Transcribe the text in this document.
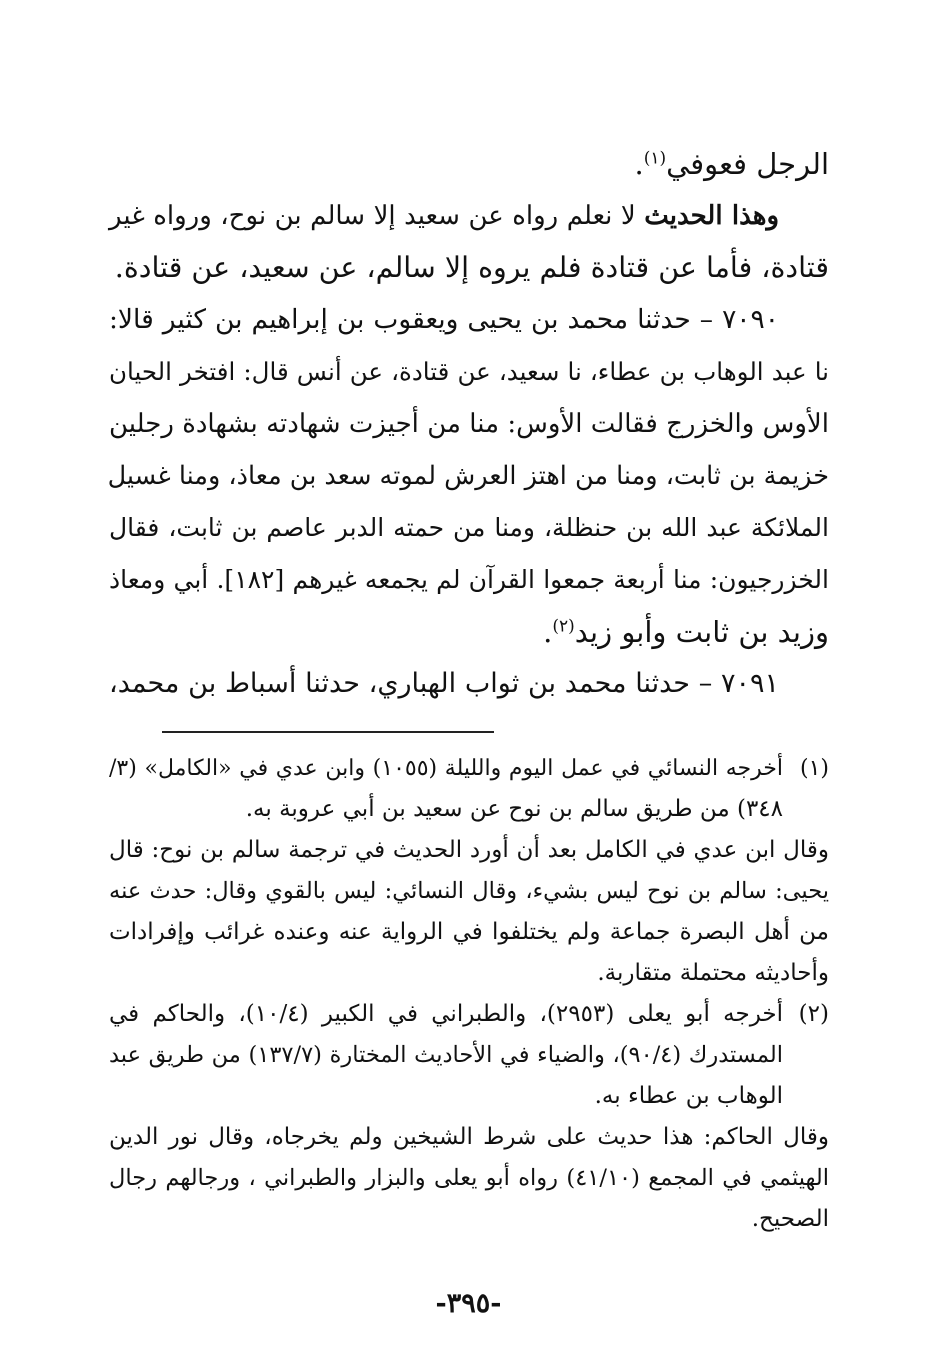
الرجل فعوفي$^{(١)}$.
وهذا الحديث لا نعلم رواه عن سعيد إلا سالم بن نوح، ورواه غير
قتادة، فأما عن قتادة فلم يروه إلا سالم، عن سعيد، عن قتادة.
٧٠٩٠ – حدثنا محمد بن يحيى ويعقوب بن إبراهيم بن كثير قالا:
نا عبد الوهاب بن عطاء، نا سعيد، عن قتادة، عن أنس قال: افتخر الحيان
الأوس والخزرج فقالت الأوس: منا من أجيزت شهادته بشهادة رجلين
خزيمة بن ثابت، ومنا من اهتز العرش لموته سعد بن معاذ، ومنا غسيل
الملائكة عبد الله بن حنظلة، ومنا من حمته الدبر عاصم بن ثابت، فقال
الخزرجيون: منا أربعة جمعوا القرآن لم يجمعه غيرهم [١٨٢]. أبي ومعاذ
وزيد بن ثابت وأبو زيد$^{(٢)}$.
٧٠٩١ – حدثنا محمد بن ثواب الهباري، حدثنا أسباط بن محمد،
(١)أخرجه النسائي في عمل اليوم والليلة (١٠٥٥) وابن عدي في «الكامل» (٣/
٣٤٨) من طريق سالم بن نوح عن سعيد بن أبي عروبة به.
وقال ابن عدي في الكامل بعد أن أورد الحديث في ترجمة سالم بن نوح: قال
يحيى: سالم بن نوح ليس بشيء، وقال النسائي: ليس بالقوي وقال: حدث عنه
من أهل البصرة جماعة ولم يختلفوا في الرواية عنه وعنده غرائب وإفرادات
وأحاديثه محتملة متقاربة.
(٢)أخرجه أبو يعلى (٢٩٥٣)، والطبراني في الكبير (١٠/٤)، والحاكم في
المستدرك (٩٠/٤)، والضياء في الأحاديث المختارة (١٣٧/٧) من طريق عبد
الوهاب بن عطاء به.
وقال الحاكم: هذا حديث على شرط الشيخين ولم يخرجاه، وقال نور الدين
الهيثمي في المجمع (٤١/١٠) رواه أبو يعلى والبزار والطبراني ، ورجالهم رجال
الصحيح.
-٣٩٥-
